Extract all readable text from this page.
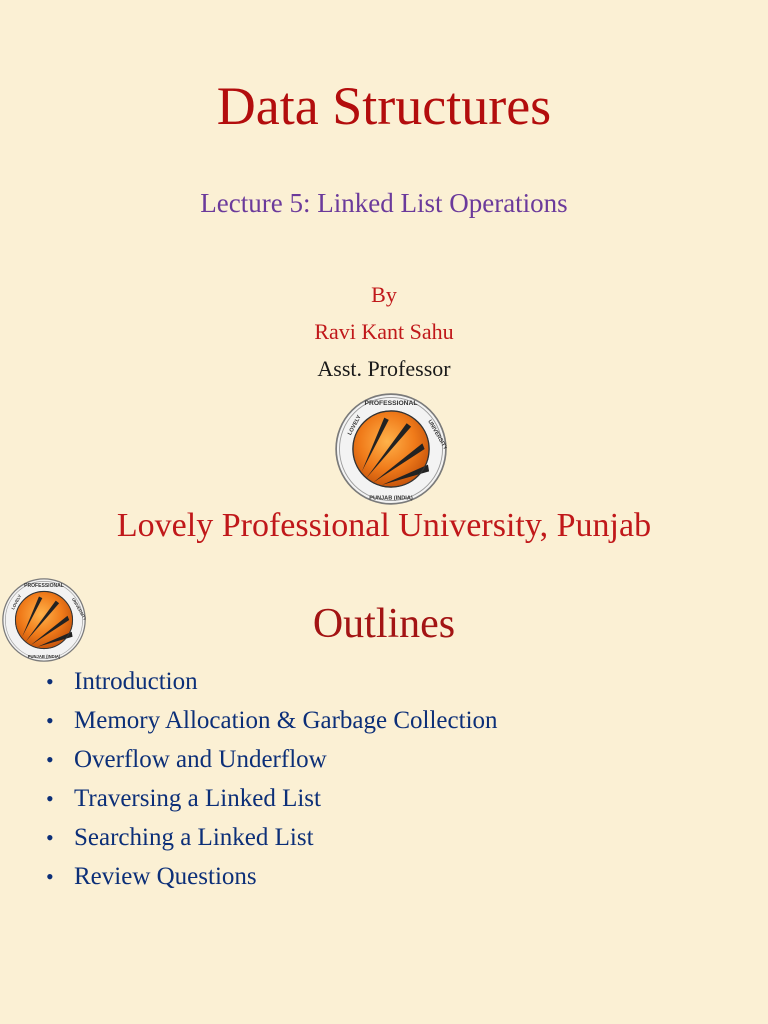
Data Structures
Lecture 5: Linked List Operations
By
Ravi Kant Sahu
Asst. Professor
Lovely Professional University, Punjab
Outlines
• Introduction
• Memory Allocation & Garbage Collection
• Overflow and Underflow
• Traversing a Linked List
• Searching a Linked List
• Review Questions
